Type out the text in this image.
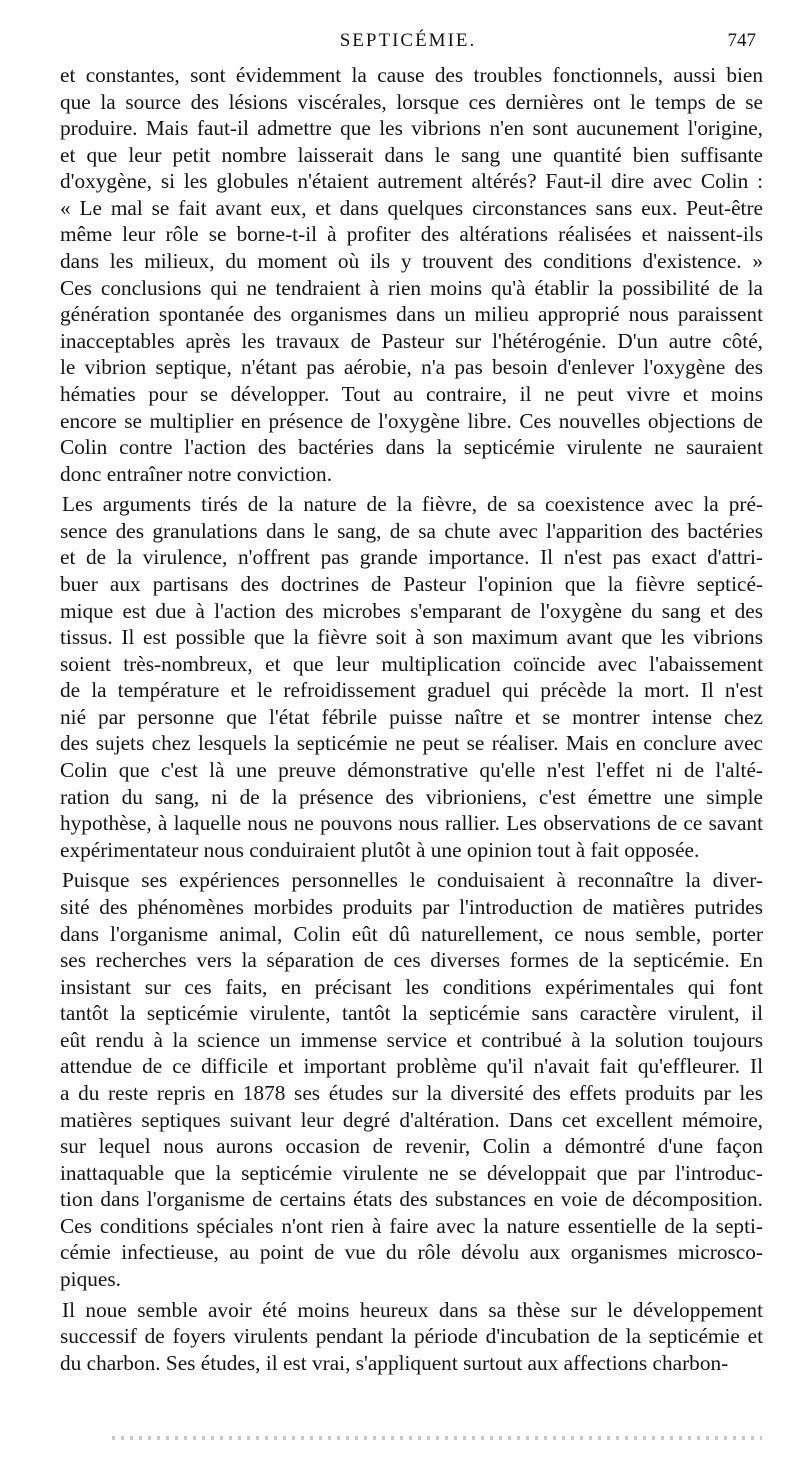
SEPTICÉMIE.	747
et constantes, sont évidemment la cause des troubles fonctionnels, aussi bien
que la source des lésions viscérales, lorsque ces dernières ont le temps de se
produire. Mais faut-il admettre que les vibrions n'en sont aucunement l'origine,
et que leur petit nombre laisserait dans le sang une quantité bien suffisante
d'oxygène, si les globules n'étaient autrement altérés? Faut-il dire avec Colin :
« Le mal se fait avant eux, et dans quelques circonstances sans eux. Peut-être
même leur rôle se borne-t-il à profiter des altérations réalisées et naissent-ils
dans les milieux, du moment où ils y trouvent des conditions d'existence. »
Ces conclusions qui ne tendraient à rien moins qu'à établir la possibilité de la
génération spontanée des organismes dans un milieu approprié nous paraissent
inacceptables après les travaux de Pasteur sur l'hétérogénie. D'un autre côté,
le vibrion septique, n'étant pas aérobie, n'a pas besoin d'enlever l'oxygène des
hématies pour se développer. Tout au contraire, il ne peut vivre et moins
encore se multiplier en présence de l'oxygène libre. Ces nouvelles objections de
Colin contre l'action des bactéries dans la septicémie virulente ne sauraient
donc entraîner notre conviction.
Les arguments tirés de la nature de la fièvre, de sa coexistence avec la pré-
sence des granulations dans le sang, de sa chute avec l'apparition des bactéries
et de la virulence, n'offrent pas grande importance. Il n'est pas exact d'attri-
buer aux partisans des doctrines de Pasteur l'opinion que la fièvre septicé-
mique est due à l'action des microbes s'emparant de l'oxygène du sang et des
tissus. Il est possible que la fièvre soit à son maximum avant que les vibrions
soient très-nombreux, et que leur multiplication coïncide avec l'abaissement
de la température et le refroidissement graduel qui précède la mort. Il n'est
nié par personne que l'état fébrile puisse naître et se montrer intense chez
des sujets chez lesquels la septicémie ne peut se réaliser. Mais en conclure avec
Colin que c'est là une preuve démonstrative qu'elle n'est l'effet ni de l'alté-
ration du sang, ni de la présence des vibrioniens, c'est émettre une simple
hypothèse, à laquelle nous ne pouvons nous rallier. Les observations de ce savant
expérimentateur nous conduiraient plutôt à une opinion tout à fait opposée.
Puisque ses expériences personnelles le conduisaient à reconnaître la diver-
sité des phénomènes morbides produits par l'introduction de matières putrides
dans l'organisme animal, Colin eût dû naturellement, ce nous semble, porter
ses recherches vers la séparation de ces diverses formes de la septicémie. En
insistant sur ces faits, en précisant les conditions expérimentales qui font
tantôt la septicémie virulente, tantôt la septicémie sans caractère virulent, il
eût rendu à la science un immense service et contribué à la solution toujours
attendue de ce difficile et important problème qu'il n'avait fait qu'effleurer. Il
a du reste repris en 1878 ses études sur la diversité des effets produits par les
matières septiques suivant leur degré d'altération. Dans cet excellent mémoire,
sur lequel nous aurons occasion de revenir, Colin a démontré d'une façon
inattaquable que la septicémie virulente ne se développait que par l'introduc-
tion dans l'organisme de certains états des substances en voie de décomposition.
Ces conditions spéciales n'ont rien à faire avec la nature essentielle de la septi-
cémie infectieuse, au point de vue du rôle dévolu aux organismes microsco-
piques.
Il noue semble avoir été moins heureux dans sa thèse sur le développement
successif de foyers virulents pendant la période d'incubation de la septicémie et
du charbon. Ses études, il est vrai, s'appliquent surtout aux affections charbon-
